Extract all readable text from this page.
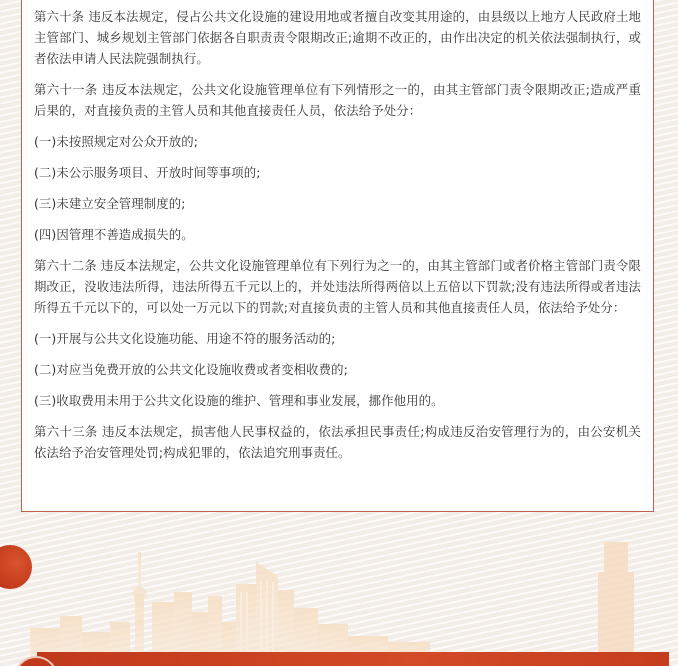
第六十条 违反本法规定，侵占公共文化设施的建设用地或者擅自改变其用途的，由县级以上地方人民政府土地主管部门、城乡规划主管部门依据各自职责责令限期改正;逾期不改正的，由作出决定的机关依法强制执行，或者依法申请人民法院强制执行。

第六十一条 违反本法规定，公共文化设施管理单位有下列情形之一的，由其主管部门责令限期改正;造成严重后果的，对直接负责的主管人员和其他直接责任人员，依法给予处分：

(一)未按照规定对公众开放的;

(二)未公示服务项目、开放时间等事项的;

(三)未建立安全管理制度的;

(四)因管理不善造成损失的。

第六十二条 违反本法规定，公共文化设施管理单位有下列行为之一的，由其主管部门或者价格主管部门责令限期改正，没收违法所得，违法所得五千元以上的，并处违法所得两倍以上五倍以下罚款;没有违法所得或者违法所得五千元以下的，可以处一万元以下的罚款;对直接负责的主管人员和其他直接责任人员，依法给予处分：

(一)开展与公共文化设施功能、用途不符的服务活动的;

(二)对应当免费开放的公共文化设施收费或者变相收费的;

(三)收取费用未用于公共文化设施的维护、管理和事业发展，挪作他用的。

第六十三条 违反本法规定，损害他人民事权益的，依法承担民事责任;构成违反治安管理行为的，由公安机关依法给予治安管理处罚;构成犯罪的，依法追究刑事责任。
